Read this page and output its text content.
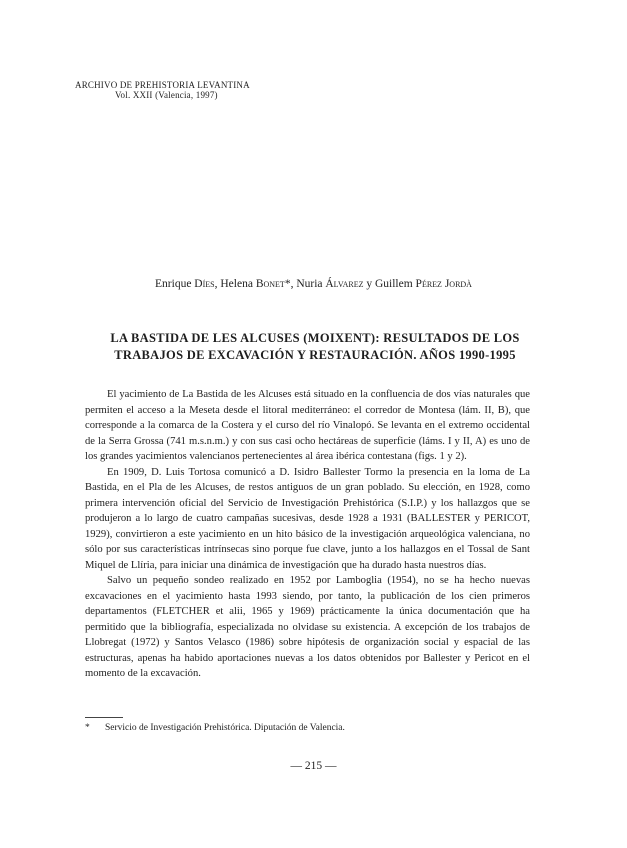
ARCHIVO DE PREHISTORIA LEVANTINA
Vol. XXII (Valencia, 1997)
Enrique Díes, Helena Bonet*, Nuria Álvarez y Guillem Pérez Jordà
LA BASTIDA DE LES ALCUSES (MOIXENT): RESULTADOS DE LOS
TRABAJOS DE EXCAVACIÓN Y RESTAURACIÓN. AÑOS 1990-1995

El yacimiento de La Bastida de les Alcuses está situado en la confluencia de dos vías naturales que permiten el acceso a la Meseta desde el litoral mediterráneo: el corredor de Montesa (lám. II, B), que corresponde a la comarca de la Costera y el curso del río Vinalopó. Se levanta en el extremo occidental de la Serra Grossa (741 m.s.n.m.) y con sus casi ocho hectáreas de superficie (láms. I y II, A) es uno de los grandes yacimientos valencianos pertenecientes al área ibérica contestana (figs. 1 y 2).

En 1909, D. Luis Tortosa comunicó a D. Isidro Ballester Tormo la presencia en la loma de La Bastida, en el Pla de les Alcuses, de restos antiguos de un gran poblado. Su elección, en 1928, como primera intervención oficial del Servicio de Investigación Prehistórica (S.I.P.) y los hallazgos que se produjeron a lo largo de cuatro campañas sucesivas, desde 1928 a 1931 (BALLESTER y PERICOT, 1929), convirtieron a este yacimiento en un hito básico de la investigación arqueológica valenciana, no sólo por sus características intrínsecas sino porque fue clave, junto a los hallazgos en el Tossal de Sant Miquel de Llíria, para iniciar una dinámica de investigación que ha durado hasta nuestros días.

Salvo un pequeño sondeo realizado en 1952 por Lamboglia (1954), no se ha hecho nuevas excavaciones en el yacimiento hasta 1993 siendo, por tanto, la publicación de los cien primeros departamentos (FLETCHER et alii, 1965 y 1969) prácticamente la única documentación que ha permitido que la bibliografía, especializada no olvidase su existencia. A excepción de los trabajos de Llobregat (1972) y Santos Velasco (1986) sobre hipótesis de organización social y espacial de las estructuras, apenas ha habido aportaciones nuevas a los datos obtenidos por Ballester y Pericot en el momento de la excavación.

* Servicio de Investigación Prehistórica. Diputación de Valencia.
— 215 —
